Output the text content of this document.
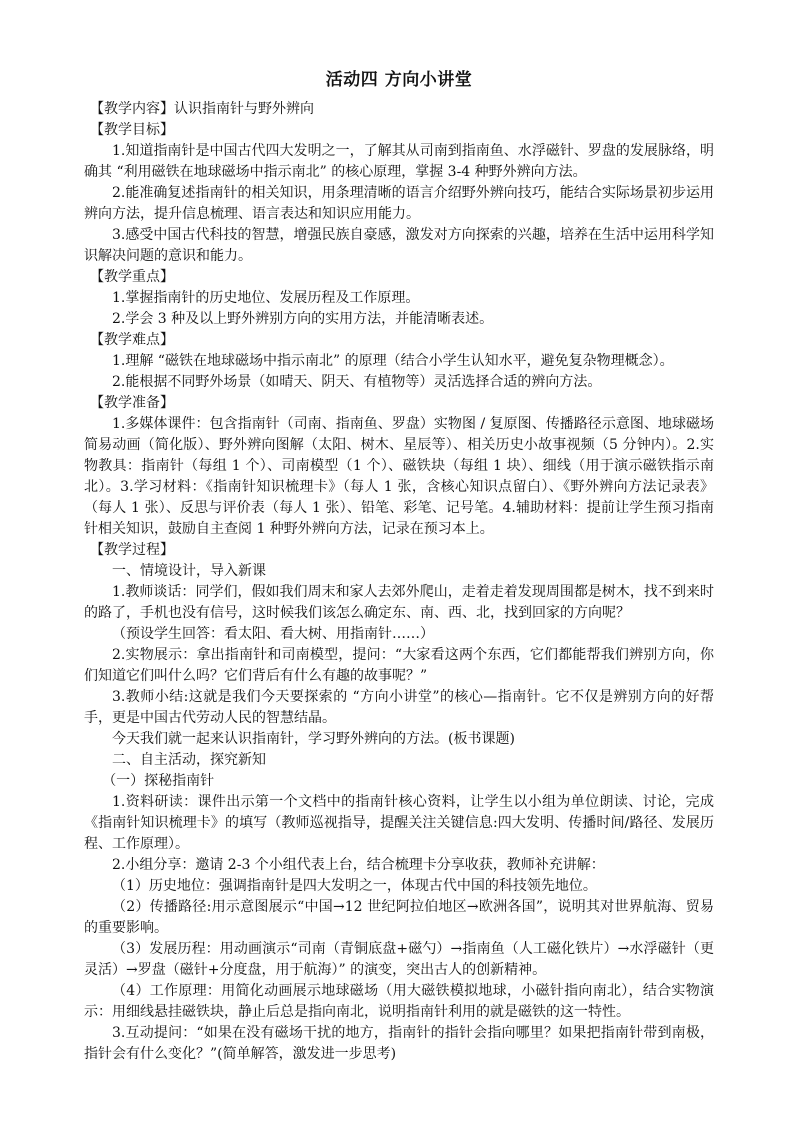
活动四 方向小讲堂

【教学内容】认识指南针与野外辨向

【教学目标】

1.知道指南针是中国古代四大发明之一，了解其从司南到指南鱼、水浮磁针、罗盘的发展脉络，明确其 “利用磁铁在地球磁场中指示南北” 的核心原理，掌握 3-4 种野外辨向方法。

2.能准确复述指南针的相关知识，用条理清晰的语言介绍野外辨向技巧，能结合实际场景初步运用辨向方法，提升信息梳理、语言表达和知识应用能力。

3.感受中国古代科技的智慧，增强民族自豪感，激发对方向探索的兴趣，培养在生活中运用科学知识解决问题的意识和能力。

【教学重点】

1.掌握指南针的历史地位、发展历程及工作原理。

2.学会 3 种及以上野外辨别方向的实用方法，并能清晰表述。

【教学难点】

1.理解 “磁铁在地球磁场中指示南北” 的原理（结合小学生认知水平，避免复杂物理概念）。

2.能根据不同野外场景（如晴天、阴天、有植物等）灵活选择合适的辨向方法。

【教学准备】

1.多媒体课件：包含指南针（司南、指南鱼、罗盘）实物图 / 复原图、传播路径示意图、地球磁场简易动画（简化版）、野外辨向图解（太阳、树木、星辰等）、相关历史小故事视频（5 分钟内）。2.实物教具：指南针（每组 1 个）、司南模型（1 个）、磁铁块（每组 1 块）、细线（用于演示磁铁指示南北）。3.学习材料：《指南针知识梳理卡》（每人 1 张，含核心知识点留白）、《野外辨向方法记录表》（每人 1 张）、反思与评价表（每人 1 张）、铅笔、彩笔、记号笔。4.辅助材料：提前让学生预习指南针相关知识，鼓励自主查阅 1 种野外辨向方法，记录在预习本上。

【教学过程】

一、情境设计，导入新课

1.教师谈话：同学们，假如我们周末和家人去郊外爬山，走着走着发现周围都是树木，找不到来时的路了，手机也没有信号，这时候我们该怎么确定东、南、西、北，找到回家的方向呢？

（预设学生回答：看太阳、看大树、用指南针……）

2.实物展示：拿出指南针和司南模型，提问：“大家看这两个东西，它们都能帮我们辨别方向，你们知道它们叫什么吗？它们背后有什么有趣的故事呢？”

3.教师小结:这就是我们今天要探索的 “方向小讲堂”的核心—指南针。它不仅是辨别方向的好帮手，更是中国古代劳动人民的智慧结晶。

今天我们就一起来认识指南针，学习野外辨向的方法。(板书课题)

二、自主活动，探究新知

（一）探秘指南针

1.资料研读：课件出示第一个文档中的指南针核心资料，让学生以小组为单位朗读、讨论，完成《指南针知识梳理卡》的填写（教师巡视指导，提醒关注关键信息:四大发明、传播时间/路径、发展历程、工作原理）。

2.小组分享：邀请 2-3 个小组代表上台，结合梳理卡分享收获，教师补充讲解：

（1）历史地位：强调指南针是四大发明之一，体现古代中国的科技领先地位。

（2）传播路径:用示意图展示“中国→12 世纪阿拉伯地区→欧洲各国”，说明其对世界航海、贸易的重要影响。

（3）发展历程：用动画演示“司南（青铜底盘+磁勺）→指南鱼（人工磁化铁片）→水浮磁针（更灵活）→罗盘（磁针+分度盘，用于航海）” 的演变，突出古人的创新精神。

（4）工作原理：用简化动画展示地球磁场（用大磁铁模拟地球，小磁针指向南北），结合实物演示：用细线悬挂磁铁块，静止后总是指向南北，说明指南针利用的就是磁铁的这一特性。

3.互动提问：“如果在没有磁场干扰的地方，指南针的指针会指向哪里？如果把指南针带到南极，指针会有什么变化？”(简单解答，激发进一步思考)
